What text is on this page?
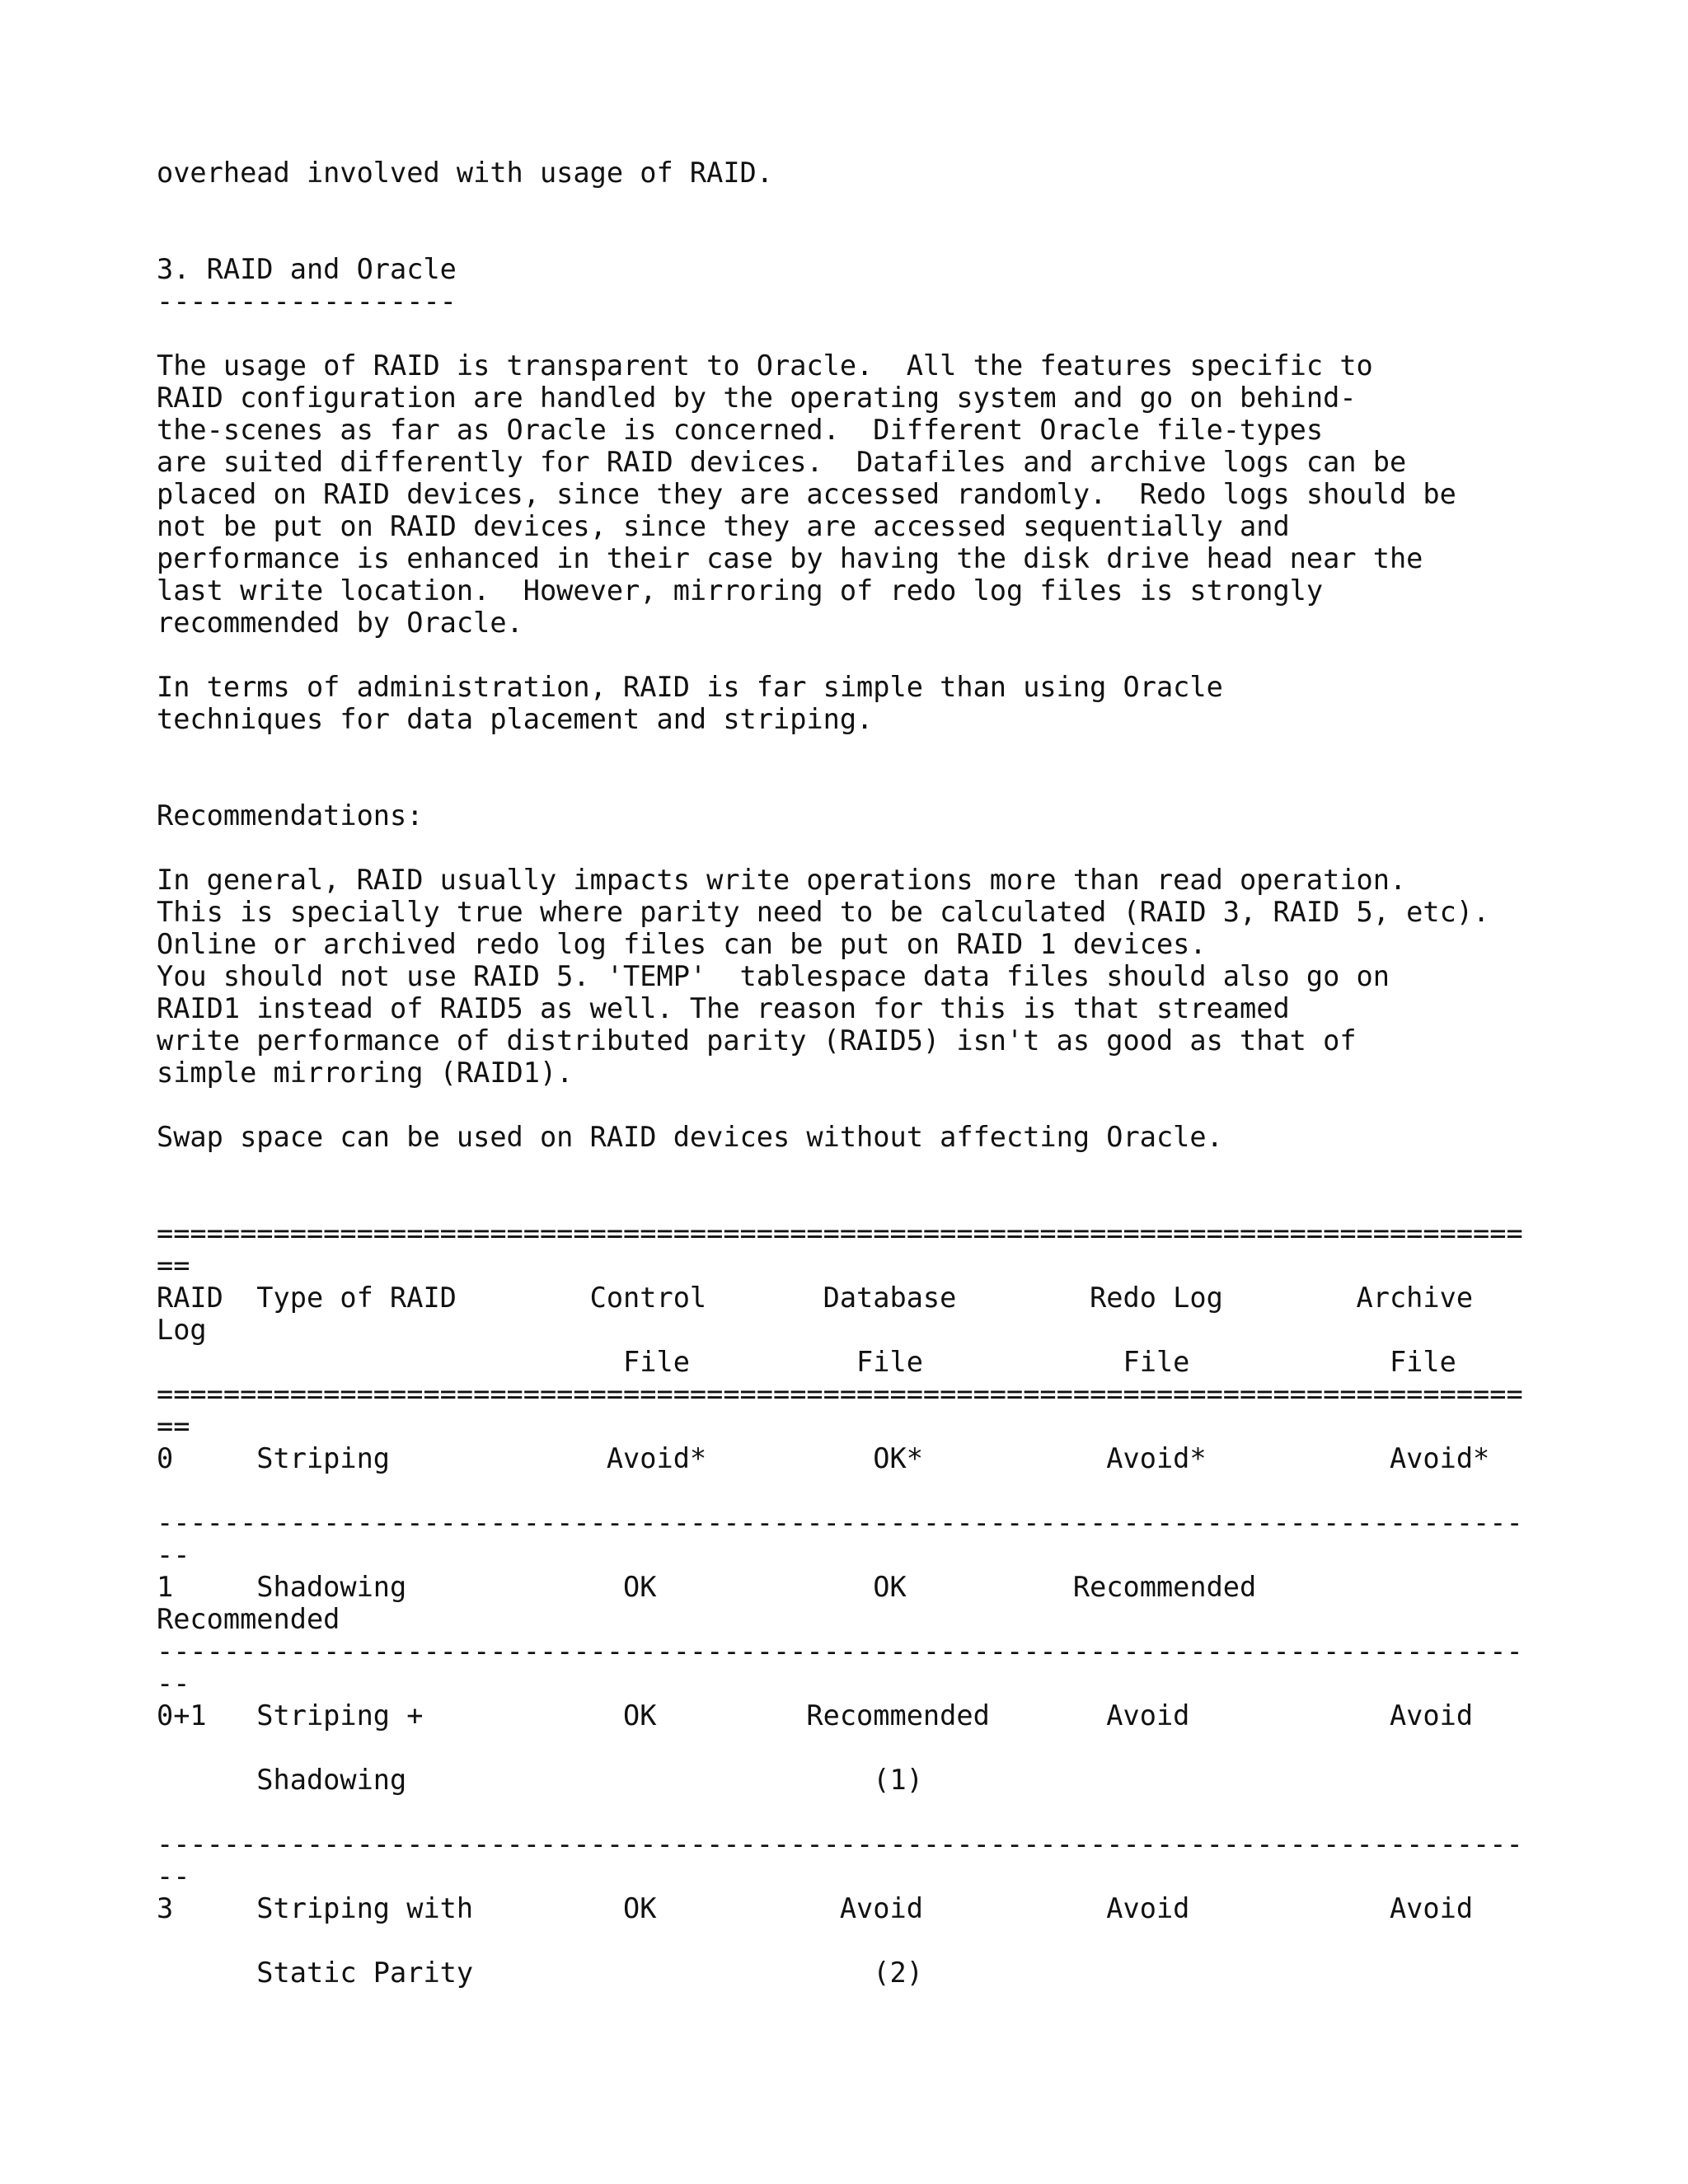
overhead involved with usage of RAID.
3. RAID and Oracle
------------------
The usage of RAID is transparent to Oracle.  All the features specific to
RAID configuration are handled by the operating system and go on behind-
the-scenes as far as Oracle is concerned.  Different Oracle file-types
are suited differently for RAID devices.  Datafiles and archive logs can be
placed on RAID devices, since they are accessed randomly.  Redo logs should be
not be put on RAID devices, since they are accessed sequentially and
performance is enhanced in their case by having the disk drive head near the
last write location.  However, mirroring of redo log files is strongly
recommended by Oracle.
In terms of administration, RAID is far simple than using Oracle
techniques for data placement and striping.
Recommendations:
In general, RAID usually impacts write operations more than read operation.
This is specially true where parity need to be calculated (RAID 3, RAID 5, etc).
Online or archived redo log files can be put on RAID 1 devices.
You should not use RAID 5. 'TEMP'  tablespace data files should also go on
RAID1 instead of RAID5 as well. The reason for this is that streamed
write performance of distributed parity (RAID5) isn't as good as that of
simple mirroring (RAID1).
Swap space can be used on RAID devices without affecting Oracle.
==================================================================================
==
RAID  Type of RAID        Control       Database        Redo Log        Archive
Log
File          File            File            File
==================================================================================
==
0     Striping             Avoid*          OK*           Avoid*           Avoid*
----------------------------------------------------------------------------------
--
1     Shadowing             OK             OK          Recommended
Recommended
----------------------------------------------------------------------------------
--
0+1   Striping +            OK         Recommended       Avoid            Avoid
Shadowing                            (1)
----------------------------------------------------------------------------------
--
3     Striping with         OK           Avoid           Avoid            Avoid
Static Parity                        (2)
